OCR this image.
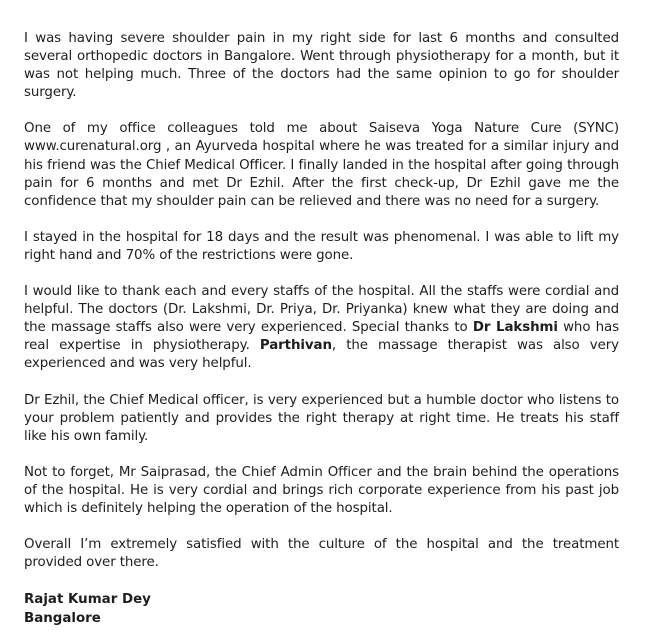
I was having severe shoulder pain in my right side for last 6 months and consulted several orthopedic doctors in Bangalore. Went through physiotherapy for a month, but it was not helping much. Three of the doctors had the same opinion to go for shoulder surgery.

One of my office colleagues told me about Saiseva Yoga Nature Cure (SYNC) www.curenatural.org , an Ayurveda hospital where he was treated for a similar injury and his friend was the Chief Medical Officer. I finally landed in the hospital after going through pain for 6 months and met Dr Ezhil. After the first check-up, Dr Ezhil gave me the confidence that my shoulder pain can be relieved and there was no need for a surgery.

I stayed in the hospital for 18 days and the result was phenomenal. I was able to lift my right hand and 70% of the restrictions were gone.

I would like to thank each and every staffs of the hospital. All the staffs were cordial and helpful. The doctors (Dr. Lakshmi, Dr. Priya, Dr. Priyanka) knew what they are doing and the massage staffs also were very experienced. Special thanks to Dr Lakshmi who has real expertise in physiotherapy. Parthivan, the massage therapist was also very experienced and was very helpful.

Dr Ezhil, the Chief Medical officer, is very experienced but a humble doctor who listens to your problem patiently and provides the right therapy at right time. He treats his staff like his own family.

Not to forget, Mr Saiprasad, the Chief Admin Officer and the brain behind the operations of the hospital. He is very cordial and brings rich corporate experience from his past job which is definitely helping the operation of the hospital.

Overall I’m extremely satisfied with the culture of the hospital and the treatment provided over there.

Rajat Kumar Dey
Bangalore
